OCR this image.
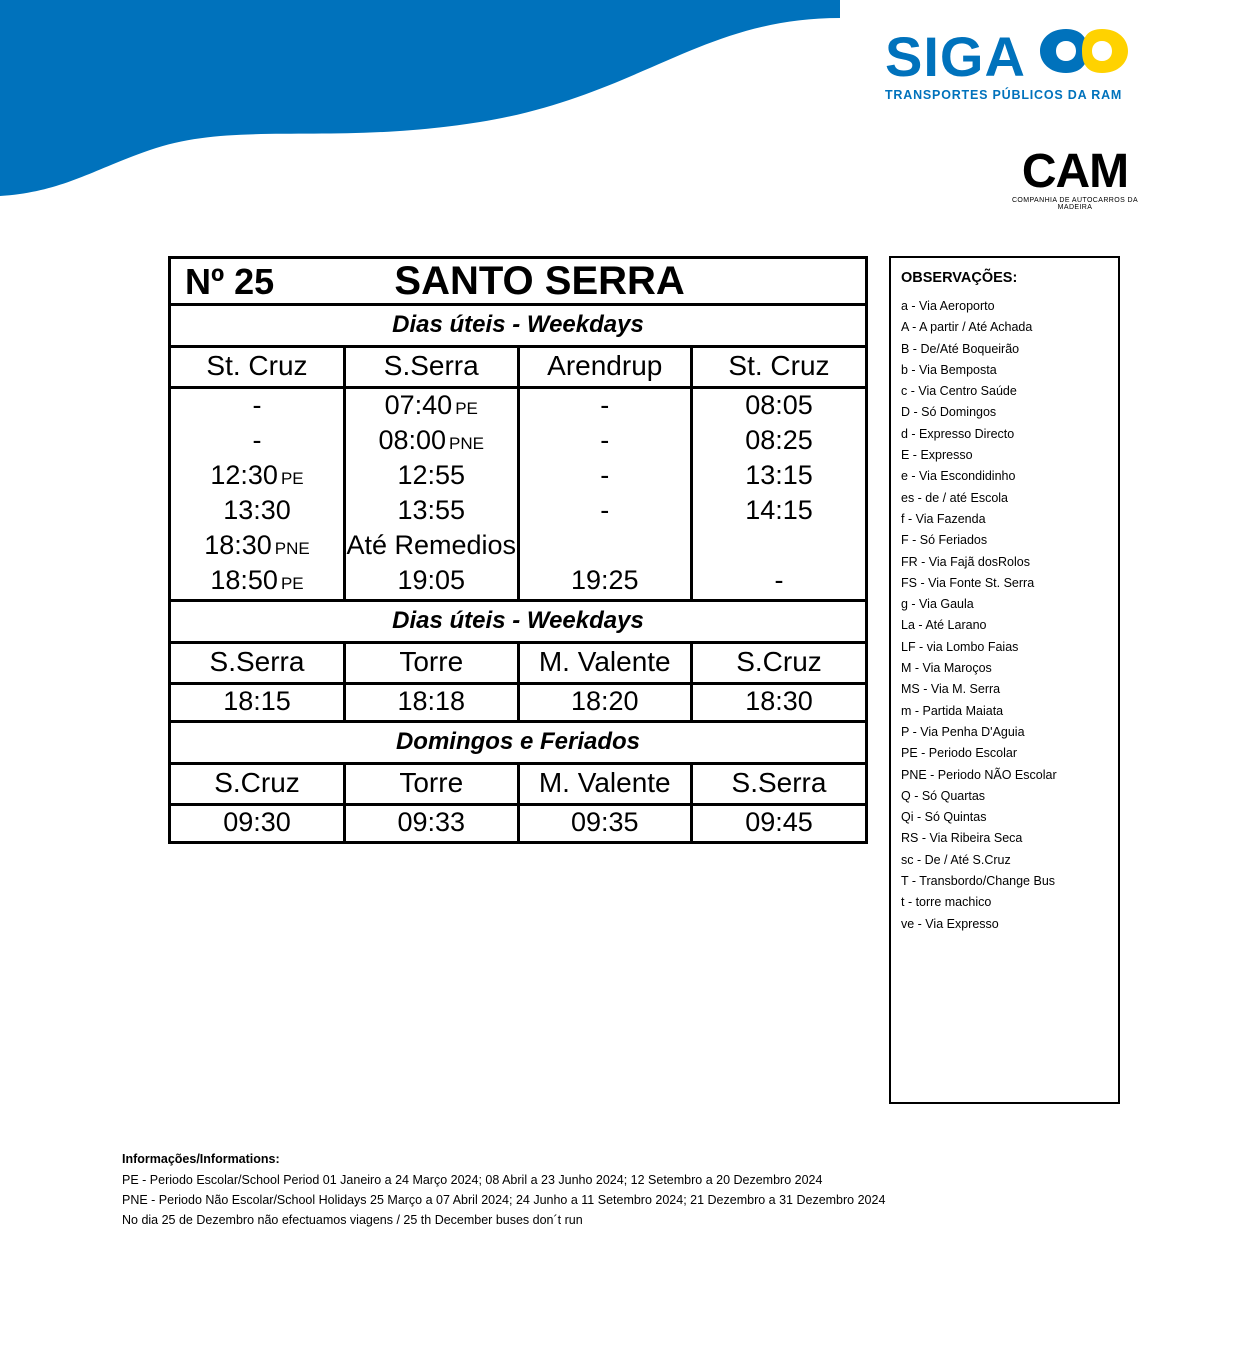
SIGA
TRANSPORTES PÚBLICOS DA RAM
CAM
COMPANHIA DE AUTOCARROS DA MADEIRA
Nº 25	SANTO SERRA
Dias úteis - Weekdays
St. Cruz	S.Serra	Arendrup	St. Cruz
-	07:40 PE	-	08:05
-	08:00 PNE	-	08:25
12:30 PE	12:55	-	13:15
13:30	13:55	-	14:15
18:30 PNE	Até Remedios		
18:50 PE	19:05	19:25	-
Dias úteis - Weekdays
S.Serra	Torre	M. Valente	S.Cruz
18:15	18:18	18:20	18:30
Domingos e Feriados
S.Cruz	Torre	M. Valente	S.Serra
09:30	09:33	09:35	09:45
OBSERVAÇÕES:
a - Via Aeroporto
A - A partir / Até Achada
B - De/Até Boqueirão
b - Via Bemposta
c - Via Centro Saúde
D - Só Domingos
d - Expresso Directo
E - Expresso
e - Via Escondidinho
es - de / até Escola
f - Via Fazenda
F - Só Feriados
FR - Via Fajã dosRolos
FS - Via Fonte St. Serra
g - Via Gaula
La - Até Larano
LF - via Lombo Faias
M - Via Maroços
MS - Via M. Serra
m - Partida Maiata
P - Via Penha D'Aguia
PE - Periodo Escolar
PNE - Periodo NÃO Escolar
Q - Só Quartas
Qi - Só Quintas
RS - Via Ribeira Seca
sc - De / Até S.Cruz
T - Transbordo/Change Bus
t - torre machico
ve - Via Expresso
Informações/Informations:
PE - Periodo Escolar/School Period 01 Janeiro a 24 Março 2024; 08 Abril a 23 Junho 2024; 12 Setembro a 20 Dezembro 2024
PNE - Periodo Não Escolar/School Holidays 25 Março a 07 Abril 2024; 24 Junho a 11 Setembro 2024; 21 Dezembro a 31 Dezembro 2024
No dia 25 de Dezembro não efectuamos viagens / 25 th December buses don´t run
